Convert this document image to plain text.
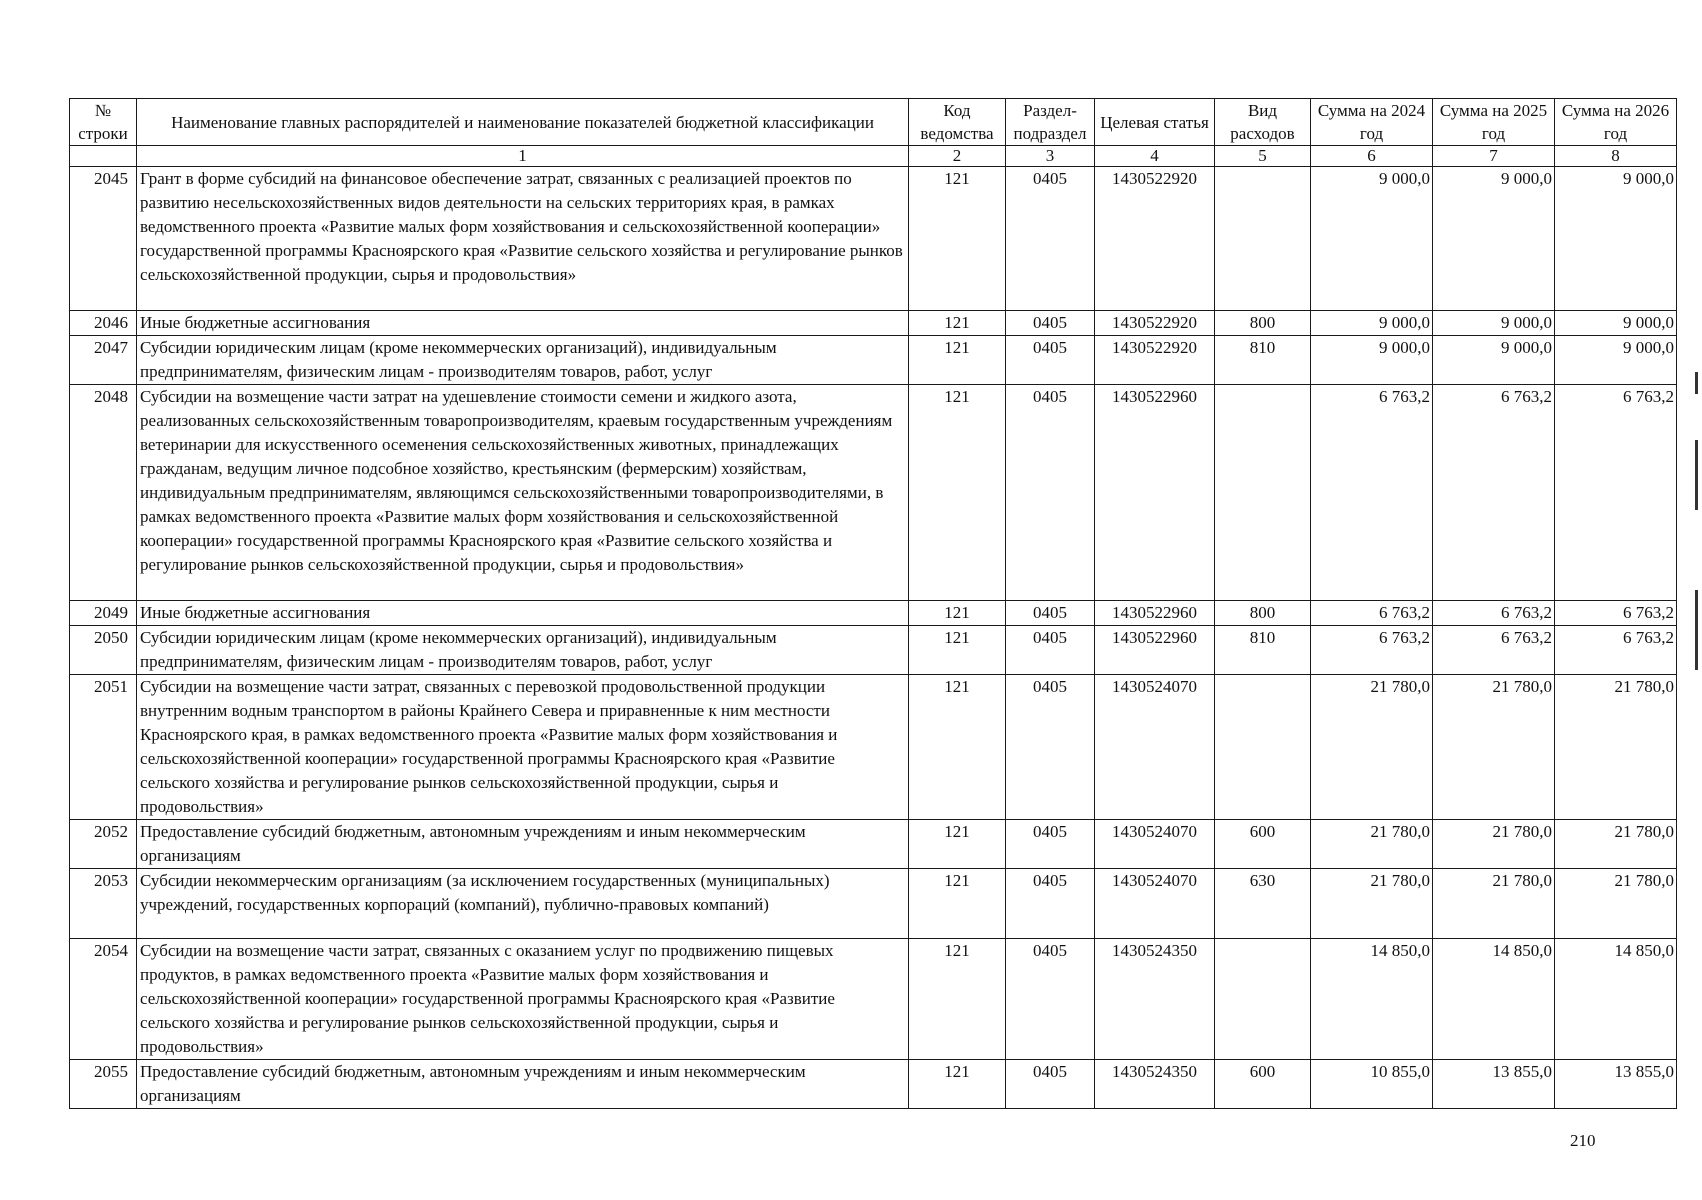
№ строки	Наименование главных распорядителей и наименование показателей бюджетной классификации	Код ведомства	Раздел-подраздел	Целевая статья	Вид расходов	Сумма на 2024 год	Сумма на 2025 год	Сумма на 2026 год
	1	2	3	4	5	6	7	8
2045	Грант в форме субсидий на финансовое обеспечение затрат, связанных с реализацией проектов по развитию несельскохозяйственных видов деятельности на сельских территориях края, в рамках ведомственного проекта «Развитие малых форм хозяйствования и сельскохозяйственной кооперации» государственной программы Красноярского края «Развитие сельского хозяйства и регулирование рынков сельскохозяйственной продукции, сырья и продовольствия»	121	0405	1430522920		9 000,0	9 000,0	9 000,0
2046	Иные бюджетные ассигнования	121	0405	1430522920	800	9 000,0	9 000,0	9 000,0
2047	Субсидии юридическим лицам (кроме некоммерческих организаций), индивидуальным предпринимателям, физическим лицам - производителям товаров, работ, услуг	121	0405	1430522920	810	9 000,0	9 000,0	9 000,0
2048	Субсидии на возмещение части затрат на удешевление стоимости семени и жидкого азота, реализованных сельскохозяйственным товаропроизводителям, краевым государственным учреждениям ветеринарии для искусственного осеменения сельскохозяйственных животных, принадлежащих гражданам, ведущим личное подсобное хозяйство, крестьянским (фермерским) хозяйствам, индивидуальным предпринимателям, являющимся сельскохозяйственными товаропроизводителями, в рамках ведомственного проекта «Развитие малых форм хозяйствования и сельскохозяйственной кооперации» государственной программы Красноярского края «Развитие сельского хозяйства и регулирование рынков сельскохозяйственной продукции, сырья и продовольствия»	121	0405	1430522960		6 763,2	6 763,2	6 763,2
2049	Иные бюджетные ассигнования	121	0405	1430522960	800	6 763,2	6 763,2	6 763,2
2050	Субсидии юридическим лицам (кроме некоммерческих организаций), индивидуальным предпринимателям, физическим лицам - производителям товаров, работ, услуг	121	0405	1430522960	810	6 763,2	6 763,2	6 763,2
2051	Субсидии на возмещение части затрат, связанных с перевозкой продовольственной продукции внутренним водным транспортом в районы Крайнего Севера и приравненные к ним местности Красноярского края, в рамках ведомственного проекта «Развитие малых форм хозяйствования и сельскохозяйственной кооперации» государственной программы Красноярского края «Развитие сельского хозяйства и регулирование рынков сельскохозяйственной продукции, сырья и продовольствия»	121	0405	1430524070		21 780,0	21 780,0	21 780,0
2052	Предоставление субсидий бюджетным, автономным учреждениям и иным некоммерческим организациям	121	0405	1430524070	600	21 780,0	21 780,0	21 780,0
2053	Субсидии некоммерческим организациям (за исключением государственных (муниципальных) учреждений, государственных корпораций (компаний), публично-правовых компаний)	121	0405	1430524070	630	21 780,0	21 780,0	21 780,0
2054	Субсидии на возмещение части затрат, связанных с оказанием услуг по продвижению пищевых продуктов, в рамках ведомственного проекта «Развитие малых форм хозяйствования и сельскохозяйственной кооперации» государственной программы Красноярского края «Развитие сельского хозяйства и регулирование рынков сельскохозяйственной продукции, сырья и продовольствия»	121	0405	1430524350		14 850,0	14 850,0	14 850,0
2055	Предоставление субсидий бюджетным, автономным учреждениям и иным некоммерческим организациям	121	0405	1430524350	600	10 855,0	13 855,0	13 855,0
210
